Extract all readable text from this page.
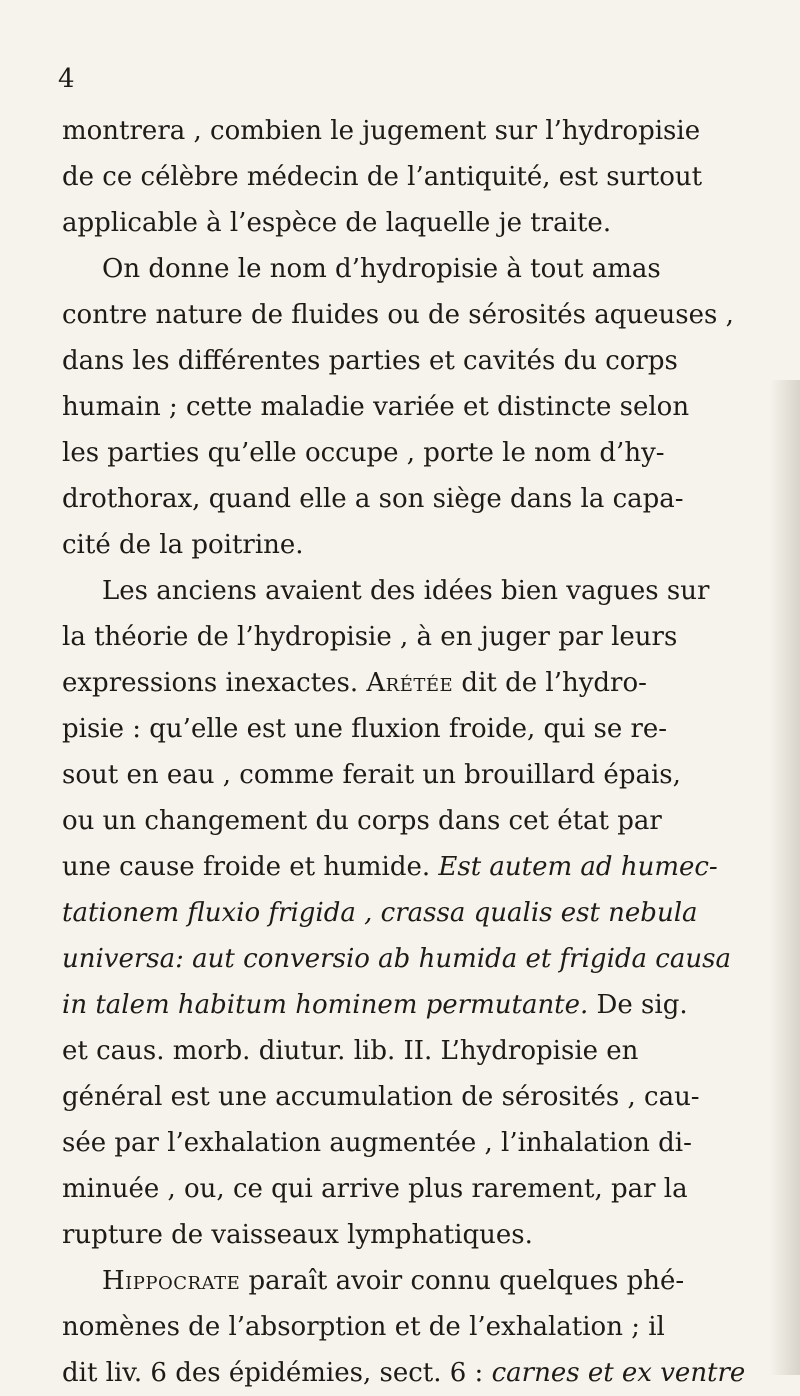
4
montrera , combien le jugement sur l’hydropisie
de ce célèbre médecin de l’antiquité, est surtout
applicable à l’espèce de laquelle je traite.
On donne le nom d’hydropisie à tout amas
contre nature de fluides ou de sérosités aqueuses ,
dans les différentes parties et cavités du corps
humain ; cette maladie variée et distincte selon
les parties qu’elle occupe , porte le nom d’hy-
drothorax, quand elle a son siège dans la capa-
cité de la poitrine.
Les anciens avaient des idées bien vagues sur
la théorie de l’hydropisie , à en juger par leurs
expressions inexactes. Arétée dit de l’hydro-
pisie : qu’elle est une fluxion froide, qui se re-
sout en eau , comme ferait un brouillard épais,
ou un changement du corps dans cet état par
une cause froide et humide. Est autem ad humec-
tationem fluxio frigida , crassa qualis est nebula
universa: aut conversio ab humida et frigida causa
in talem habitum hominem permutante. De sig.
et caus. morb. diutur. lib. II. L’hydropisie en
général est une accumulation de sérosités , cau-
sée par l’exhalation augmentée , l’inhalation di-
minuée , ou, ce qui arrive plus rarement, par la
rupture de vaisseaux lymphatiques.
Hippocrate paraît avoir connu quelques phé-
nomènes de l’absorption et de l’exhalation ; il
dit liv. 6 des épidémies, sect. 6 : carnes et ex ventre
